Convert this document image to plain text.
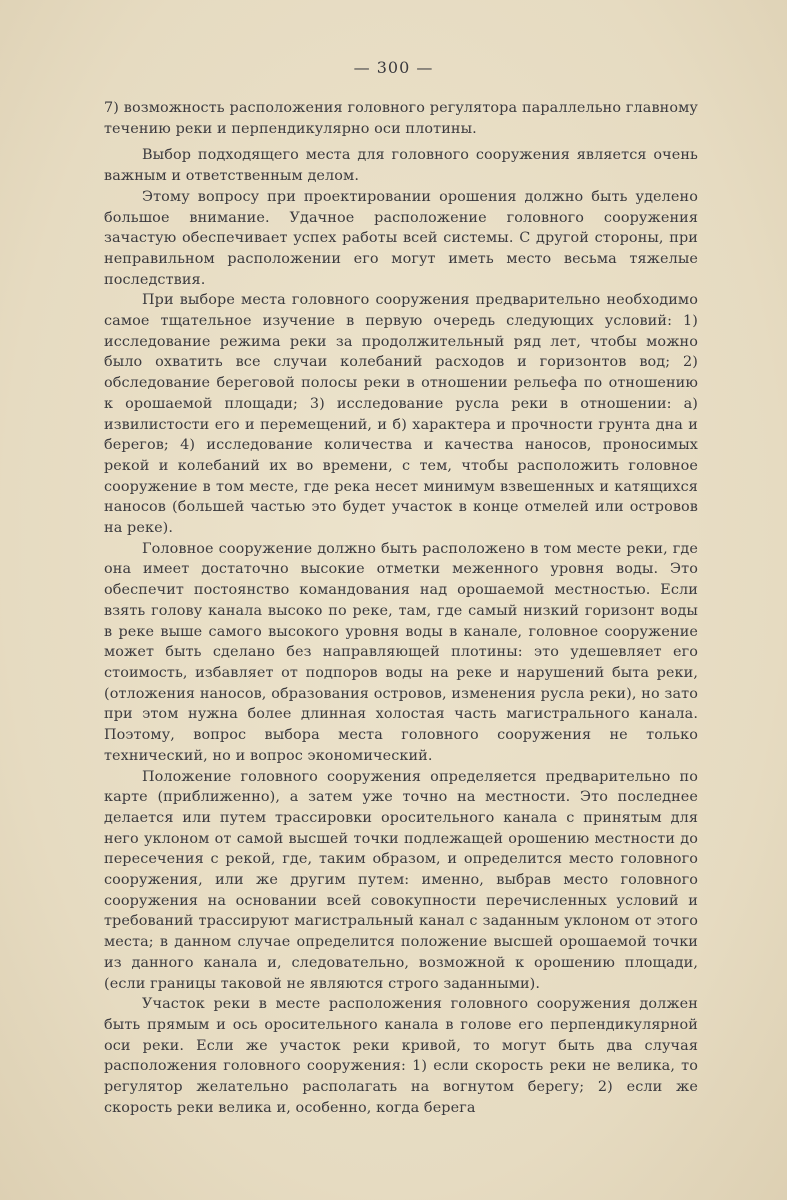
— 300 —

7) возможность расположения головного регулятора параллельно главному течению реки и перпендикулярно оси плотины.

Выбор подходящего места для головного сооружения является очень важным и ответственным делом.

Этому вопросу при проектировании орошения должно быть уделено большое внимание. Удачное расположение головного сооружения зачастую обеспечивает успех работы всей системы. С другой стороны, при неправильном расположении его могут иметь место весьма тяжелые последствия.

При выборе места головного сооружения предварительно необходимо самое тщательное изучение в первую очередь следующих условий: 1) исследование режима реки за продолжительный ряд лет, чтобы можно было охватить все случаи колебаний расходов и горизонтов вод; 2) обследование береговой полосы реки в отношении рельефа по отношению к орошаемой площади; 3) исследование русла реки в отношении: а) извилистости его и перемещений, и б) характера и прочности грунта дна и берегов; 4) исследование количества и качества наносов, проносимых рекой и колебаний их во времени, с тем, чтобы расположить головное сооружение в том месте, где река несет минимум взвешенных и катящихся наносов (большей частью это будет участок в конце отмелей или островов на реке).

Головное сооружение должно быть расположено в том месте реки, где она имеет достаточно высокие отметки меженного уровня воды. Это обеспечит постоянство командования над орошаемой местностью. Если взять голову канала высоко по реке, там, где самый низкий горизонт воды в реке выше самого высокого уровня воды в канале, головное сооружение может быть сделано без направляющей плотины: это удешевляет его стоимость, избавляет от подпоров воды на реке и нарушений быта реки, (отложения наносов, образования островов, изменения русла реки), но зато при этом нужна более длинная холостая часть магистрального канала. Поэтому, вопрос выбора места головного сооружения не только технический, но и вопрос экономический.

Положение головного сооружения определяется предварительно по карте (приближенно), а затем уже точно на местности. Это последнее делается или путем трассировки оросительного канала с принятым для него уклоном от самой высшей точки подлежащей орошению местности до пересечения с рекой, где, таким образом, и определится место головного сооружения, или же другим путем: именно, выбрав место головного сооружения на основании всей совокупности перечисленных условий и требований трассируют магистральный канал с заданным уклоном от этого места; в данном случае определится положение высшей орошаемой точки из данного канала и, следовательно, возможной к орошению площади, (если границы таковой не являются строго заданными).

Участок реки в месте расположения головного сооружения должен быть прямым и ось оросительного канала в голове его перпендикулярной оси реки. Если же участок реки кривой, то могут быть два случая расположения головного сооружения: 1) если скорость реки не велика, то регулятор желательно располагать на вогнутом берегу; 2) если же скорость реки велика и, особенно, когда берега
